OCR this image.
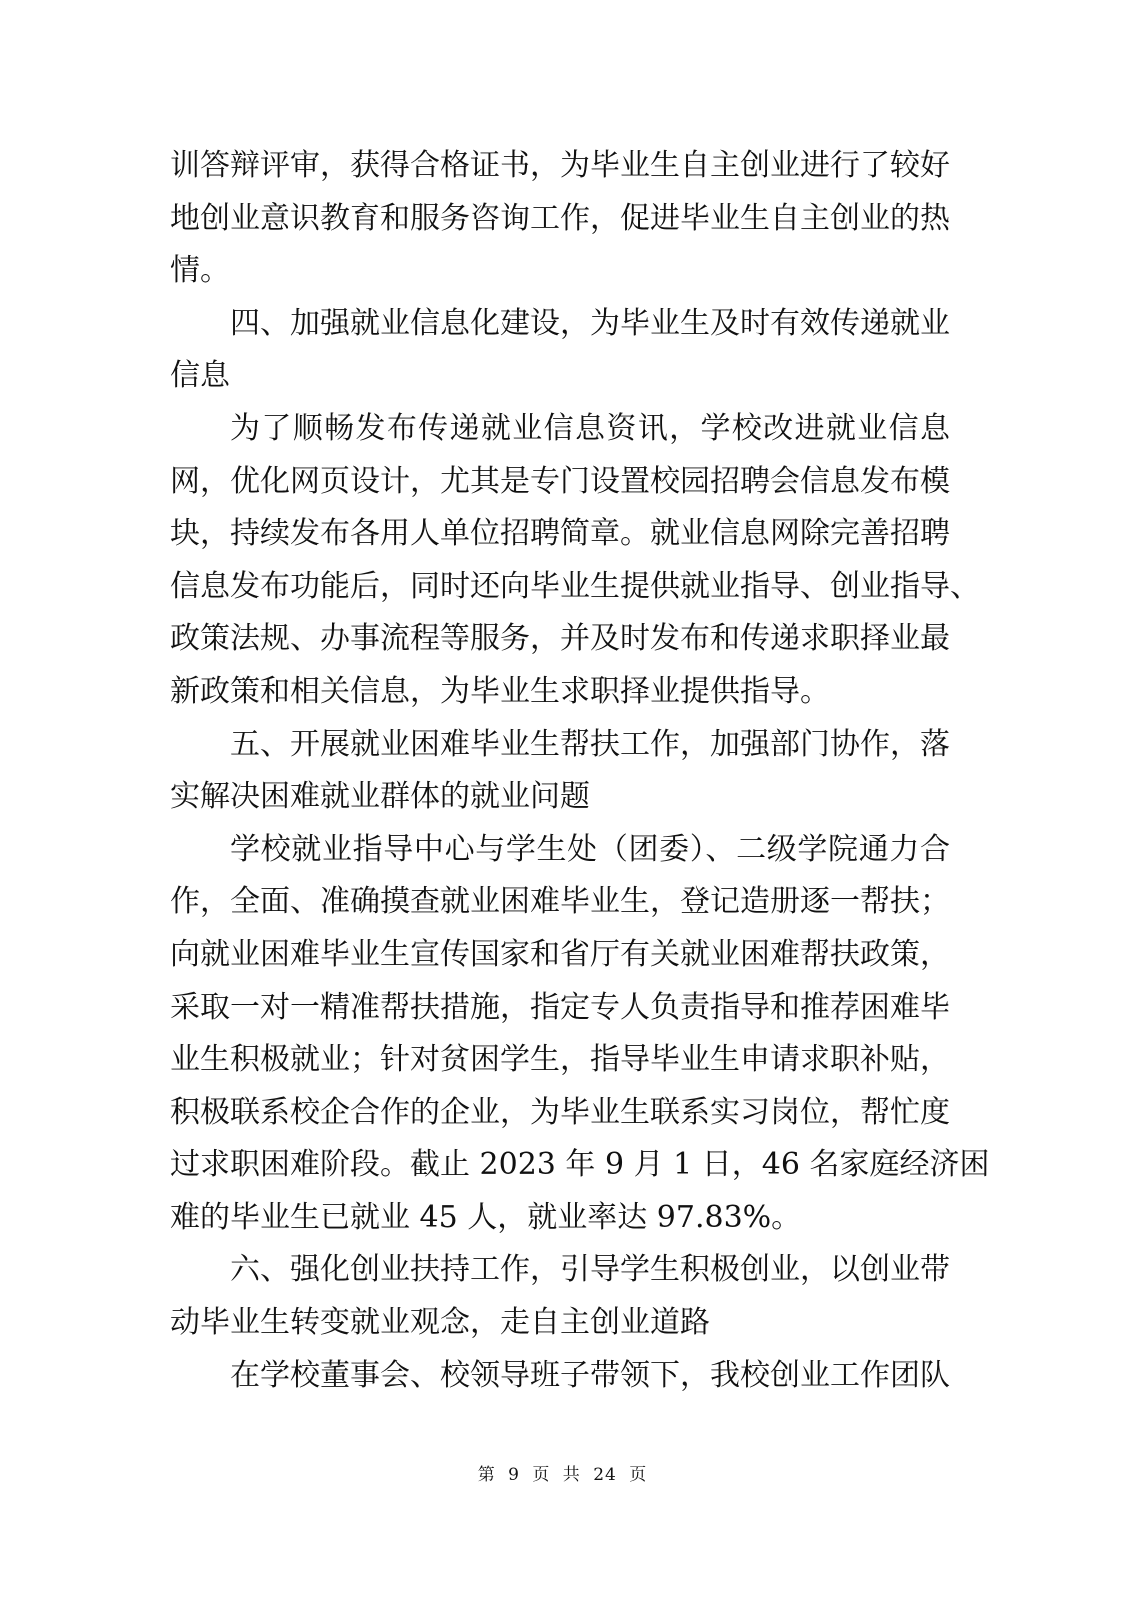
训答辩评审，获得合格证书，为毕业生自主创业进行了较好
地创业意识教育和服务咨询工作，促进毕业生自主创业的热
情。
四、加强就业信息化建设，为毕业生及时有效传递就业
信息
为了顺畅发布传递就业信息资讯，学校改进就业信息
网，优化网页设计，尤其是专门设置校园招聘会信息发布模
块，持续发布各用人单位招聘简章。就业信息网除完善招聘
信息发布功能后，同时还向毕业生提供就业指导、创业指导、
政策法规、办事流程等服务，并及时发布和传递求职择业最
新政策和相关信息，为毕业生求职择业提供指导。
五、开展就业困难毕业生帮扶工作，加强部门协作，落
实解决困难就业群体的就业问题
学校就业指导中心与学生处（团委）、二级学院通力合
作，全面、准确摸查就业困难毕业生，登记造册逐一帮扶；
向就业困难毕业生宣传国家和省厅有关就业困难帮扶政策，
采取一对一精准帮扶措施，指定专人负责指导和推荐困难毕
业生积极就业；针对贫困学生，指导毕业生申请求职补贴，
积极联系校企合作的企业，为毕业生联系实习岗位，帮忙度
过求职困难阶段。截止 2023 年 9 月 1 日，46 名家庭经济困
难的毕业生已就业 45 人，就业率达 97.83%。
六、强化创业扶持工作，引导学生积极创业，以创业带
动毕业生转变就业观念，走自主创业道路
在学校董事会、校领导班子带领下，我校创业工作团队
第 9 页 共 24 页
